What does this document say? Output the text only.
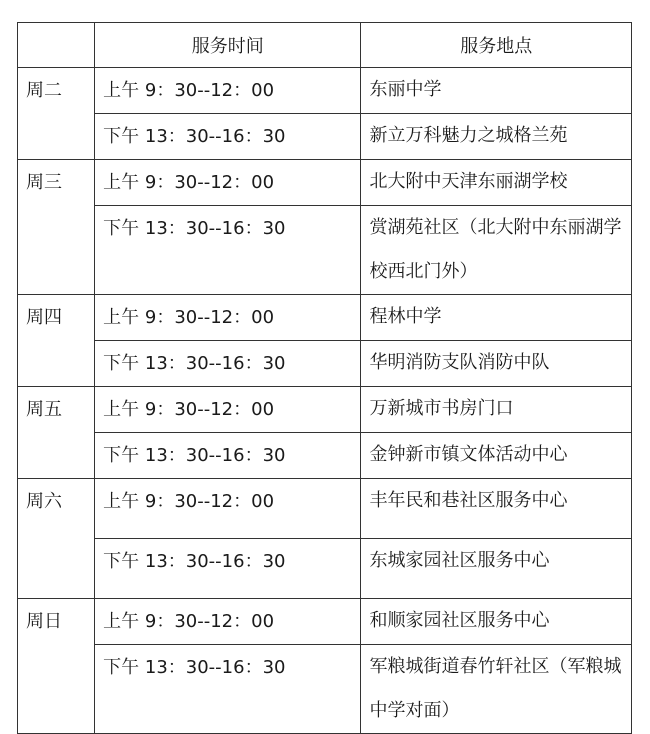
	服务时间	服务地点

周二	上午 9：30--12：00	东丽中学

	下午 13：30--16：30	新立万科魅力之城格兰苑

周三	上午 9：30--12：00	北大附中天津东丽湖学校

	下午 13：30--16：30	赏湖苑社区（北大附中东丽湖学校西北门外）

周四	上午 9：30--12：00	程林中学

	下午 13：30--16：30	华明消防支队消防中队

周五	上午 9：30--12：00	万新城市书房门口

	下午 13：30--16：30	金钟新市镇文体活动中心

周六	上午 9：30--12：00	丰年民和巷社区服务中心

	下午 13：30--16：30	东城家园社区服务中心

周日	上午 9：30--12：00	和顺家园社区服务中心

	下午 13：30--16：30	军粮城街道春竹轩社区（军粮城中学对面）
